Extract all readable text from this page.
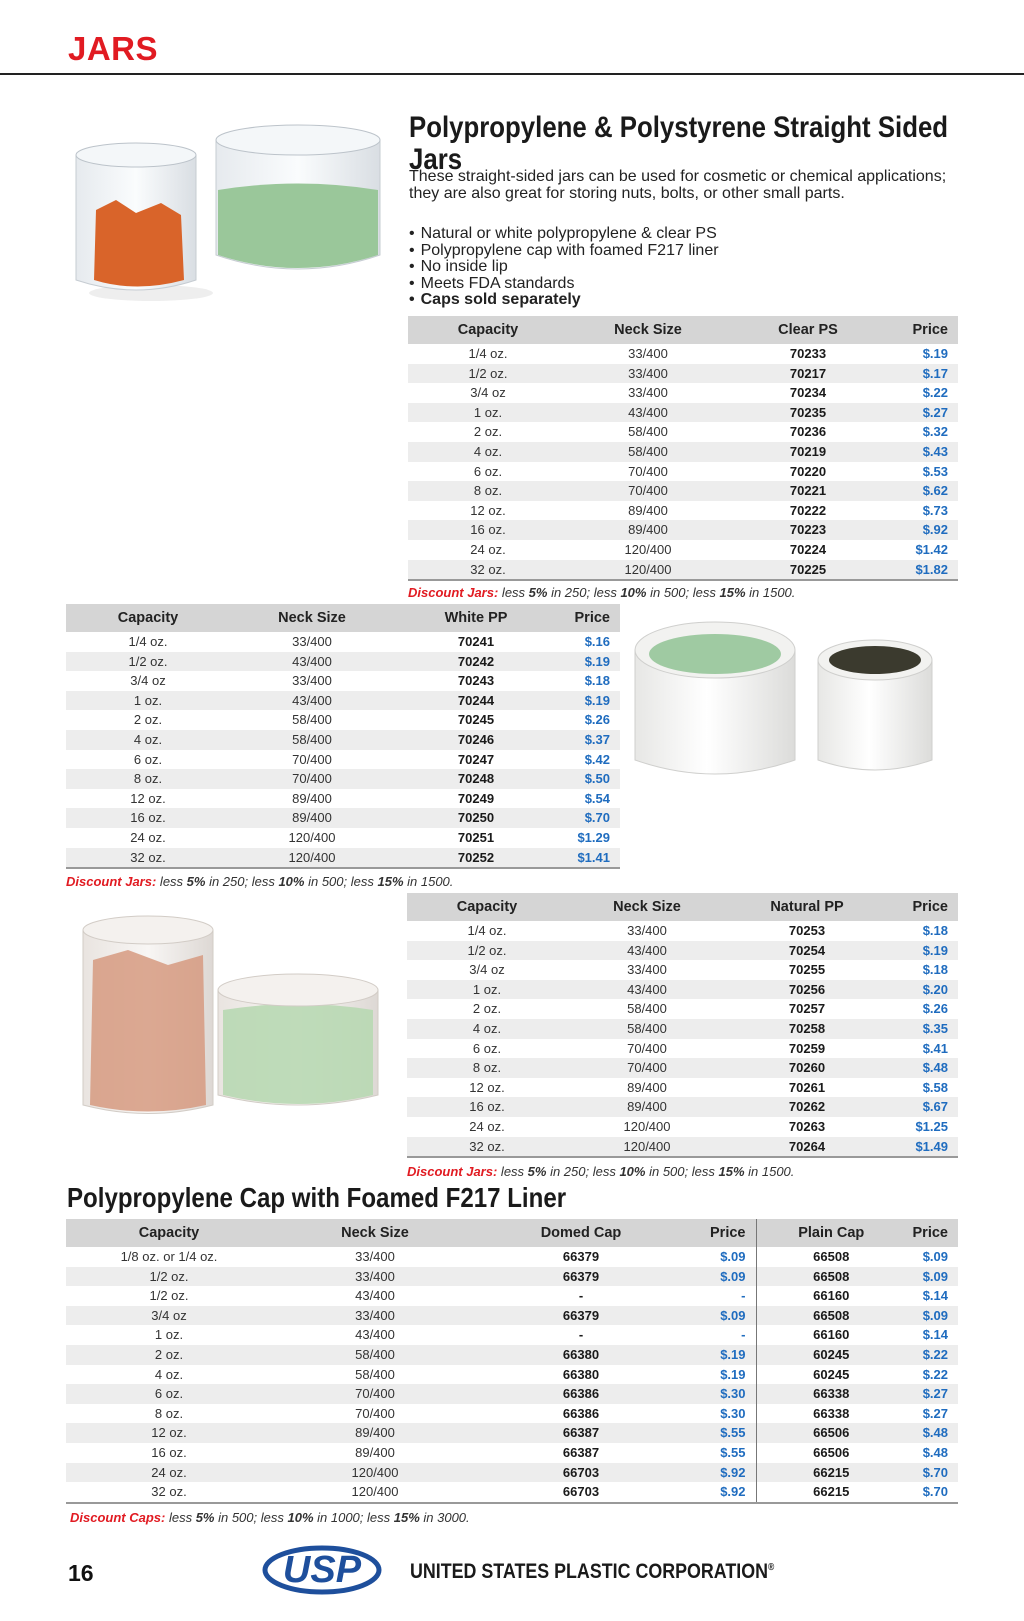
JARS
Polypropylene & Polystyrene Straight Sided Jars

These straight-sided jars can be used for cosmetic or chemical applications; they are also great for storing nuts, bolts, or other small parts.

• Natural or white polypropylene & clear PS
• Polypropylene cap with foamed F217 liner
• No inside lip
• Meets FDA standards
• Caps sold separately
Capacity	Neck Size	Clear PS	Price
1/4 oz.	33/400	70233	$.19
1/2 oz.	33/400	70217	$.17
3/4 oz	33/400	70234	$.22
1 oz.	43/400	70235	$.27
2 oz.	58/400	70236	$.32
4 oz.	58/400	70219	$.43
6 oz.	70/400	70220	$.53
8 oz.	70/400	70221	$.62
12 oz.	89/400	70222	$.73
16 oz.	89/400	70223	$.92
24 oz.	120/400	70224	$1.42
32 oz.	120/400	70225	$1.82
Discount Jars: less 5% in 250; less 10% in 500; less 15% in 1500.
Capacity	Neck Size	White PP	Price
1/4 oz.	33/400	70241	$.16
1/2 oz.	43/400	70242	$.19
3/4 oz	33/400	70243	$.18
1 oz.	43/400	70244	$.19
2 oz.	58/400	70245	$.26
4 oz.	58/400	70246	$.37
6 oz.	70/400	70247	$.42
8 oz.	70/400	70248	$.50
12 oz.	89/400	70249	$.54
16 oz.	89/400	70250	$.70
24 oz.	120/400	70251	$1.29
32 oz.	120/400	70252	$1.41
Discount Jars: less 5% in 250; less 10% in 500; less 15% in 1500.
Capacity	Neck Size	Natural PP	Price
1/4 oz.	33/400	70253	$.18
1/2 oz.	43/400	70254	$.19
3/4 oz	33/400	70255	$.18
1 oz.	43/400	70256	$.20
2 oz.	58/400	70257	$.26
4 oz.	58/400	70258	$.35
6 oz.	70/400	70259	$.41
8 oz.	70/400	70260	$.48
12 oz.	89/400	70261	$.58
16 oz.	89/400	70262	$.67
24 oz.	120/400	70263	$1.25
32 oz.	120/400	70264	$1.49
Discount Jars: less 5% in 250; less 10% in 500; less 15% in 1500.
Polypropylene Cap with Foamed F217 Liner
Capacity	Neck Size	Domed Cap	Price	Plain Cap	Price
1/8 oz. or 1/4 oz.	33/400	66379	$.09	66508	$.09
1/2 oz.	33/400	66379	$.09	66508	$.09
1/2 oz.	43/400	-	-	66160	$.14
3/4 oz	33/400	66379	$.09	66508	$.09
1 oz.	43/400	-	-	66160	$.14
2 oz.	58/400	66380	$.19	60245	$.22
4 oz.	58/400	66380	$.19	60245	$.22
6 oz.	70/400	66386	$.30	66338	$.27
8 oz.	70/400	66386	$.30	66338	$.27
12 oz.	89/400	66387	$.55	66506	$.48
16 oz.	89/400	66387	$.55	66506	$.48
24 oz.	120/400	66703	$.92	66215	$.70
32 oz.	120/400	66703	$.92	66215	$.70
Discount Caps: less 5% in 500; less 10% in 1000; less 15% in 3000.
16	USP UNITED STATES PLASTIC CORPORATION®
